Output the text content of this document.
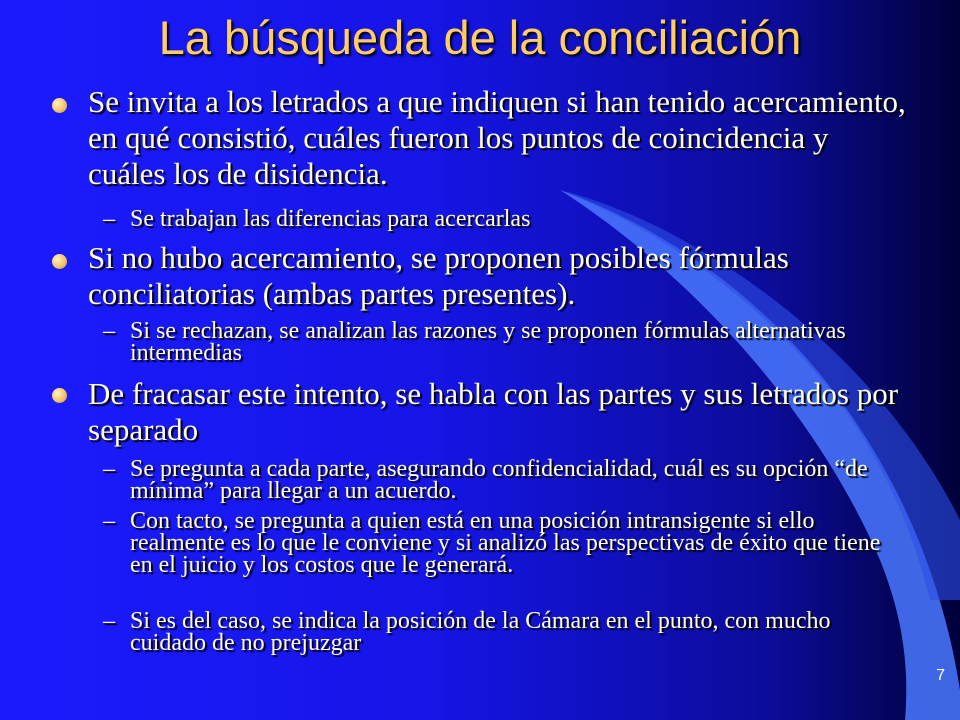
La búsqueda de la conciliación
Se invita a los letrados a que indiquen si han tenido acercamiento, en qué consistió, cuáles fueron los puntos de coincidencia y cuáles los de disidencia.
– Se trabajan las diferencias para acercarlas
Si no hubo acercamiento, se proponen posibles fórmulas conciliatorias (ambas partes presentes).
– Si se rechazan, se analizan las razones y se proponen fórmulas alternativas intermedias
De fracasar este intento, se habla con las partes y sus letrados por separado
– Se pregunta a cada parte, asegurando confidencialidad, cuál es su opción “de mínima” para llegar a un acuerdo.
– Con tacto, se pregunta a quien está en una posición intransigente si ello realmente es lo que le conviene y si analizó las perspectivas de éxito que tiene en el juicio y los costos que le generará.
– Si es del caso, se indica la posición de la Cámara en el punto, con mucho cuidado de no prejuzgar
7
